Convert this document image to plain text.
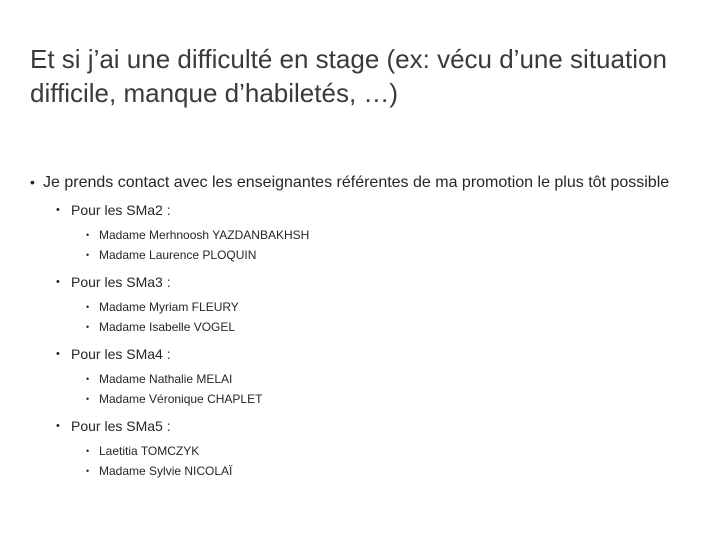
Et si j’ai une difficulté en stage (ex: vécu d’une situation difficile, manque d’habiletés, …)
• Je prends contact avec les enseignantes référentes de ma promotion le plus tôt possible
• Pour les SMa2 :
• Madame Merhnoosh YAZDANBAKHSH
• Madame Laurence PLOQUIN
• Pour les SMa3 :
• Madame Myriam FLEURY
• Madame Isabelle VOGEL
• Pour les SMa4 :
• Madame Nathalie MELAI
• Madame Véronique CHAPLET
• Pour les SMa5 :
• Laetitia TOMCZYK
• Madame Sylvie NICOLAÏ
